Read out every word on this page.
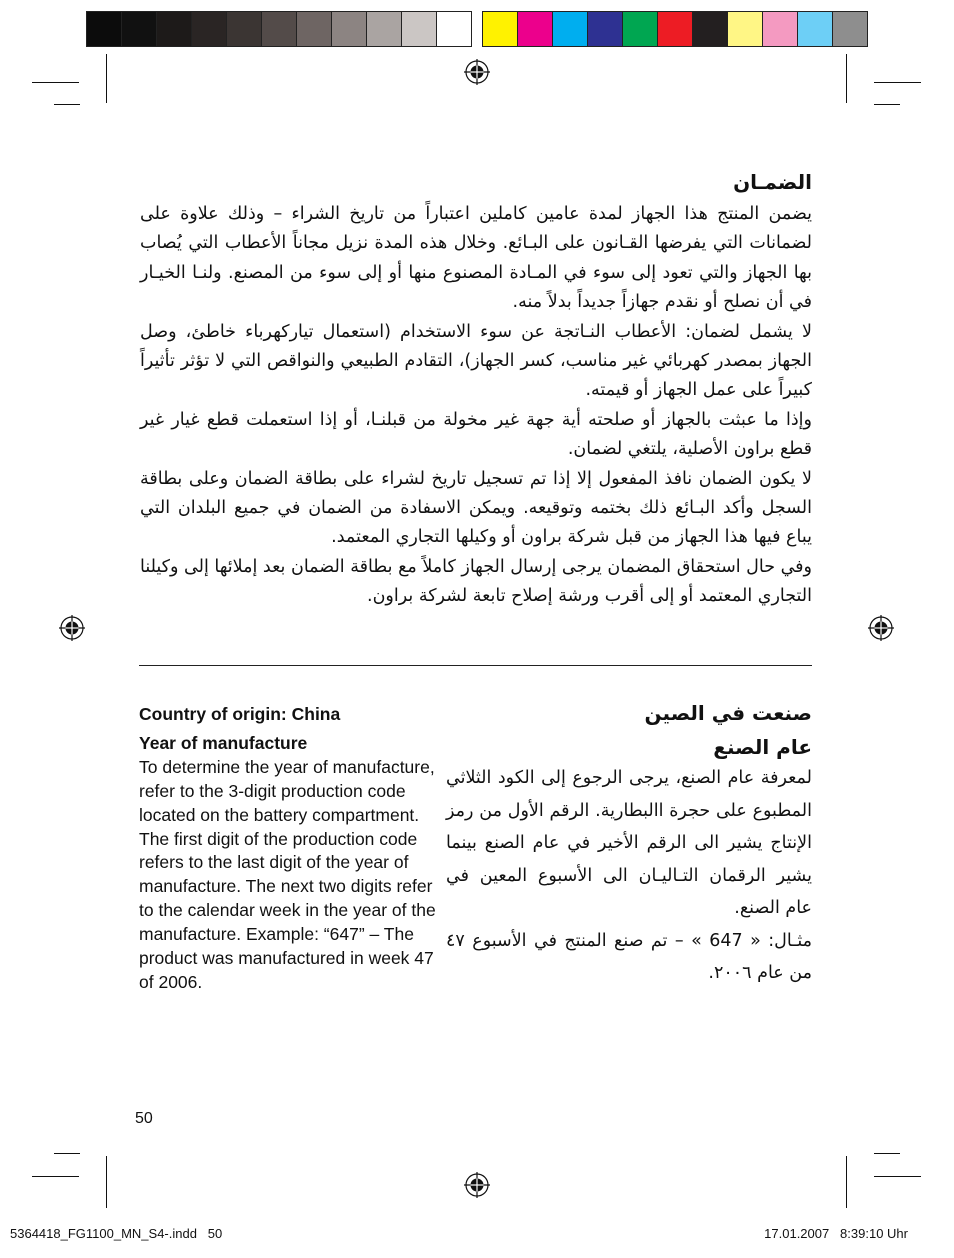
الضمـان

يضمن المنتج هذا الجهاز لمدة عامين كاملين اعتباراً من تاريخ الشراء – وذلك علاوة على لضمانات التي يفرضها القـانون على البـائع. وخلال هذه المدة نزيل مجاناً الأعطاب التي يُصاب بها الجهاز والتي تعود إلى سوء في المـادة المصنوع منها أو إلى سوء من المصنع. ولنـا الخيـار في أن نصلح أو نقدم جهازاً جديداً بدلاً منه.

لا يشمل لضمان: الأعطاب النـاتجة عن سوء الاستخدام (استعمال تياركهرباء خاطئ، وصل الجهاز بمصدر كهربائي غير مناسب، كسر الجهاز)، التقادم الطبيعي والنواقص التي لا تؤثر تأثيراً كبيراً على عمل الجهاز أو قيمته.

وإذا ما عبثت بالجهاز أو صلحته أية جهة غير مخولة من قبلنـا، أو إذا استعملت قطع غيار غير قطع براون الأصلية، يلتغي لضمان.

لا يكون الضمان نافذ المفعول إلا إذا تم تسجيل تاريخ لشراء على بطاقة الضمان وعلى بطاقة السجل وأكد البـائع ذلك بختمه وتوقيعه. ويمكن الاسفادة من الضمان في جميع البلدان التي يباع فيها هذا الجهاز من قبل شركة براون أو وكيلها التجاري المعتمد.

وفي حال استحقاق المضمان يرجى إرسال الجهاز كاملاً مع بطاقة الضمان بعد إملائها إلى وكيلنا التجاري المعتمد أو إلى أقرب ورشة إصلاح تابعة لشركة براون.

Country of origin: China

Year of manufacture

To determine the year of manufacture, refer to the 3-digit production code located on the battery compartment. The first digit of the production code refers to the last digit of the year of manufacture. The next two digits refer to the calendar week in the year of the manufacture. Example: “647” – The product was manufactured in week 47 of 2006.

صنعت في الصين
عام الصنع

لمعرفة عام الصنع، يرجى الرجوع إلى الكود الثلاثي المطبوع على حجرة االبطارية. الرقم الأول من رمز الإنتاج يشير الى الرقم الأخير في عام الصنع بينما يشير الرقمان التـاليـان الى الأسبوع المعين في عام الصنع.

مثـال: « 647 » – تم صنع المنتج في الأسبوع ٤٧ من عام ٢٠٠٦.

50
5364418_FG1100_MN_S4-.indd   50	17.01.2007   8:39:10 Uhr
